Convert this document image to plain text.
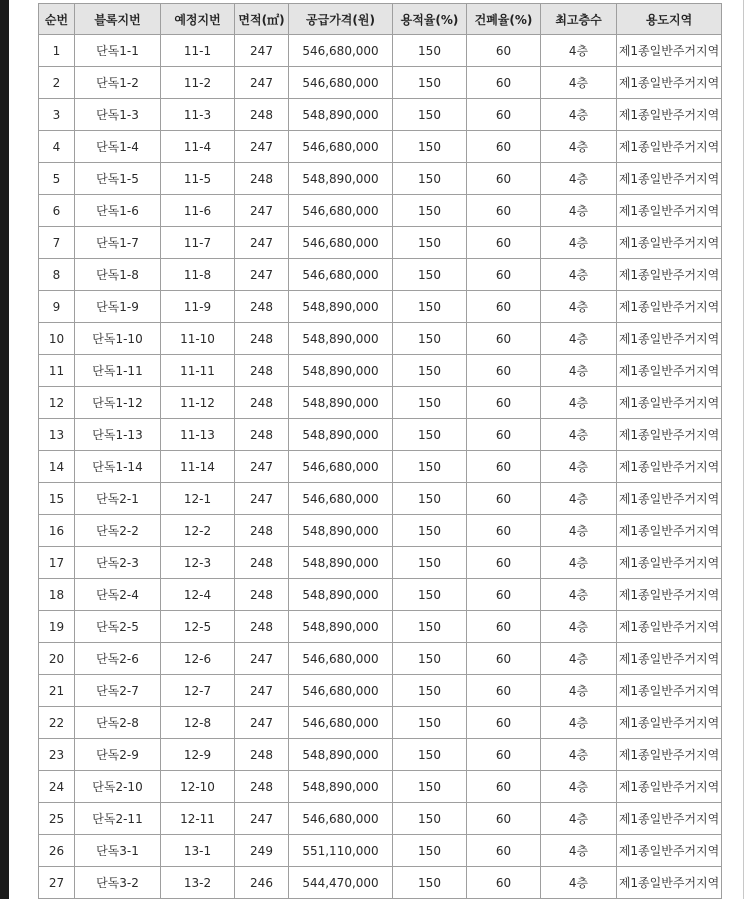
순번	블록지번	예정지번	면적(㎡)	공급가격(원)	용적율(%)	건폐율(%)	최고층수	용도지역
1	단독1-1	11-1	247	546,680,000	150	60	4층	제1종일반주거지역
2	단독1-2	11-2	247	546,680,000	150	60	4층	제1종일반주거지역
3	단독1-3	11-3	248	548,890,000	150	60	4층	제1종일반주거지역
4	단독1-4	11-4	247	546,680,000	150	60	4층	제1종일반주거지역
5	단독1-5	11-5	248	548,890,000	150	60	4층	제1종일반주거지역
6	단독1-6	11-6	247	546,680,000	150	60	4층	제1종일반주거지역
7	단독1-7	11-7	247	546,680,000	150	60	4층	제1종일반주거지역
8	단독1-8	11-8	247	546,680,000	150	60	4층	제1종일반주거지역
9	단독1-9	11-9	248	548,890,000	150	60	4층	제1종일반주거지역
10	단독1-10	11-10	248	548,890,000	150	60	4층	제1종일반주거지역
11	단독1-11	11-11	248	548,890,000	150	60	4층	제1종일반주거지역
12	단독1-12	11-12	248	548,890,000	150	60	4층	제1종일반주거지역
13	단독1-13	11-13	248	548,890,000	150	60	4층	제1종일반주거지역
14	단독1-14	11-14	247	546,680,000	150	60	4층	제1종일반주거지역
15	단독2-1	12-1	247	546,680,000	150	60	4층	제1종일반주거지역
16	단독2-2	12-2	248	548,890,000	150	60	4층	제1종일반주거지역
17	단독2-3	12-3	248	548,890,000	150	60	4층	제1종일반주거지역
18	단독2-4	12-4	248	548,890,000	150	60	4층	제1종일반주거지역
19	단독2-5	12-5	248	548,890,000	150	60	4층	제1종일반주거지역
20	단독2-6	12-6	247	546,680,000	150	60	4층	제1종일반주거지역
21	단독2-7	12-7	247	546,680,000	150	60	4층	제1종일반주거지역
22	단독2-8	12-8	247	546,680,000	150	60	4층	제1종일반주거지역
23	단독2-9	12-9	248	548,890,000	150	60	4층	제1종일반주거지역
24	단독2-10	12-10	248	548,890,000	150	60	4층	제1종일반주거지역
25	단독2-11	12-11	247	546,680,000	150	60	4층	제1종일반주거지역
26	단독3-1	13-1	249	551,110,000	150	60	4층	제1종일반주거지역
27	단독3-2	13-2	246	544,470,000	150	60	4층	제1종일반주거지역
